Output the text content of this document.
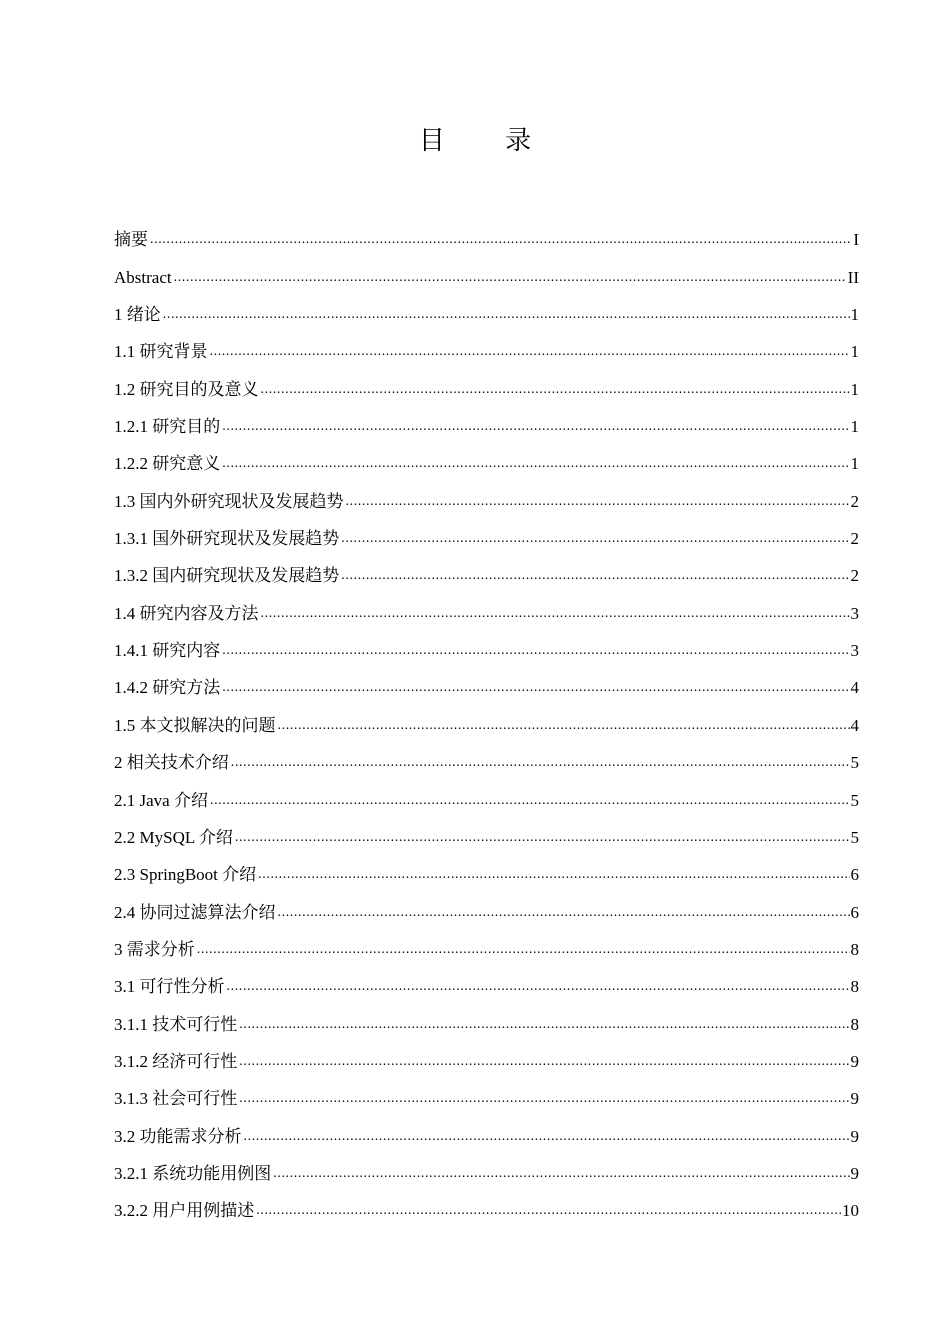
目 录
摘要 .....	I
Abstract .....	II
1 绪论 .....	1
1.1 研究背景 .....	1
1.2 研究目的及意义 .....	1
1.2.1 研究目的 .....	1
1.2.2 研究意义 .....	1
1.3 国内外研究现状及发展趋势 .....	2
1.3.1 国外研究现状及发展趋势 .....	2
1.3.2 国内研究现状及发展趋势 .....	2
1.4 研究内容及方法 .....	3
1.4.1 研究内容 .....	3
1.4.2 研究方法 .....	4
1.5 本文拟解决的问题 .....	4
2 相关技术介绍 .....	5
2.1 Java 介绍 .....	5
2.2 MySQL 介绍 .....	5
2.3 SpringBoot 介绍 .....	6
2.4 协同过滤算法介绍 .....	6
3 需求分析 .....	8
3.1 可行性分析 .....	8
3.1.1 技术可行性 .....	8
3.1.2 经济可行性 .....	9
3.1.3 社会可行性 .....	9
3.2 功能需求分析 .....	9
3.2.1 系统功能用例图 .....	9
3.2.2 用户用例描述 .....	10
